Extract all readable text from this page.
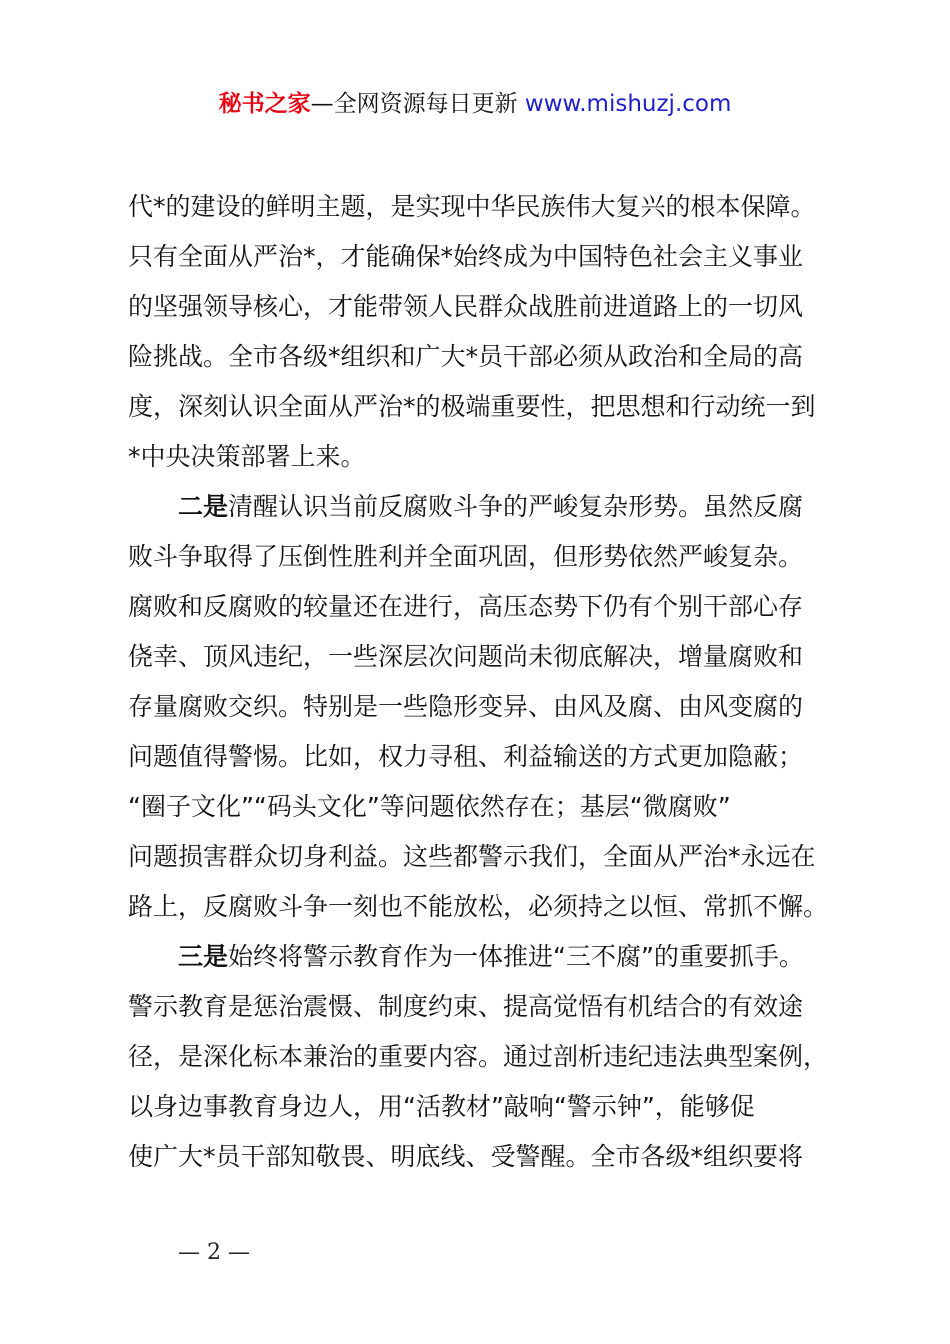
秘书之家—全网资源每日更新 www.mishuzj.com
代*的建设的鲜明主题，是实现中华民族伟大复兴的根本保障。
只有全面从严治*，才能确保*始终成为中国特色社会主义事业
的坚强领导核心，才能带领人民群众战胜前进道路上的一切风
险挑战。全市各级*组织和广大*员干部必须从政治和全局的高
度，深刻认识全面从严治*的极端重要性，把思想和行动统一到
*中央决策部署上来。
二是清醒认识当前反腐败斗争的严峻复杂形势。虽然反腐
败斗争取得了压倒性胜利并全面巩固，但形势依然严峻复杂。
腐败和反腐败的较量还在进行，高压态势下仍有个别干部心存
侥幸、顶风违纪，一些深层次问题尚未彻底解决，增量腐败和
存量腐败交织。特别是一些隐形变异、由风及腐、由风变腐的
问题值得警惕。比如，权力寻租、利益输送的方式更加隐蔽；
“圈子文化”“码头文化”等问题依然存在；基层“微腐败”
问题损害群众切身利益。这些都警示我们，全面从严治*永远在
路上，反腐败斗争一刻也不能放松，必须持之以恒、常抓不懈。
三是始终将警示教育作为一体推进“三不腐”的重要抓手。
警示教育是惩治震慑、制度约束、提高觉悟有机结合的有效途
径，是深化标本兼治的重要内容。通过剖析违纪违法典型案例，
以身边事教育身边人，用“活教材”敲响“警示钟”，能够促
使广大*员干部知敬畏、明底线、受警醒。全市各级*组织要将
— 2 —
